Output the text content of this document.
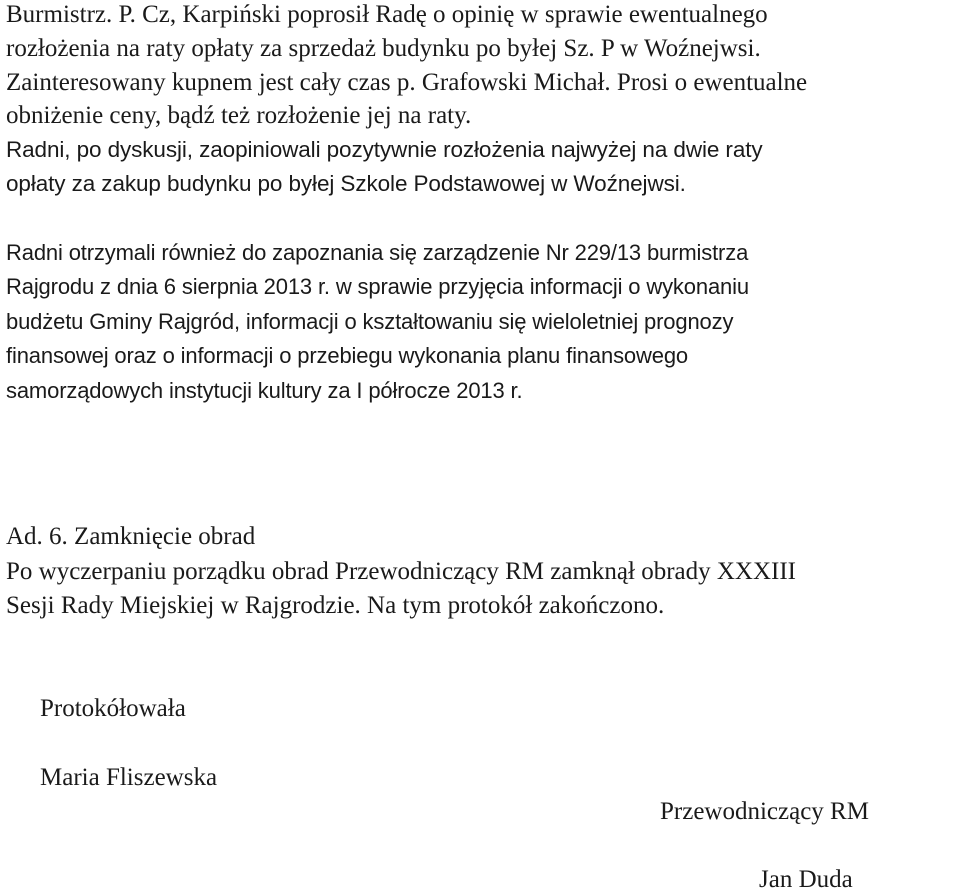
Burmistrz. P. Cz, Karpiński poprosił Radę o opinię w sprawie ewentualnego
rozłożenia na raty opłaty za sprzedaż budynku po byłej Sz. P w Woźnejwsi.
Zainteresowany kupnem jest cały czas p. Grafowski Michał. Prosi o ewentualne
obniżenie ceny, bądź też rozłożenie jej na raty.
Radni, po dyskusji, zaopiniowali pozytywnie rozłożenia najwyżej na dwie raty
opłaty za zakup budynku po byłej Szkole Podstawowej w Woźnejwsi.
Radni otrzymali również do zapoznania się zarządzenie Nr 229/13 burmistrza
Rajgrodu z dnia 6 sierpnia 2013 r. w sprawie przyjęcia informacji o wykonaniu
budżetu Gminy Rajgród, informacji o kształtowaniu się wieloletniej prognozy
finansowej oraz o informacji o przebiegu wykonania planu finansowego
samorządowych instytucji kultury za I półrocze 2013 r.
Ad. 6. Zamknięcie obrad
Po wyczerpaniu porządku obrad Przewodniczący RM zamknął obrady XXXIII
Sesji Rady Miejskiej w Rajgrodzie. Na tym protokół zakończono.
Protokółowała
Maria Fliszewska
Przewodniczący RM
Jan Duda
